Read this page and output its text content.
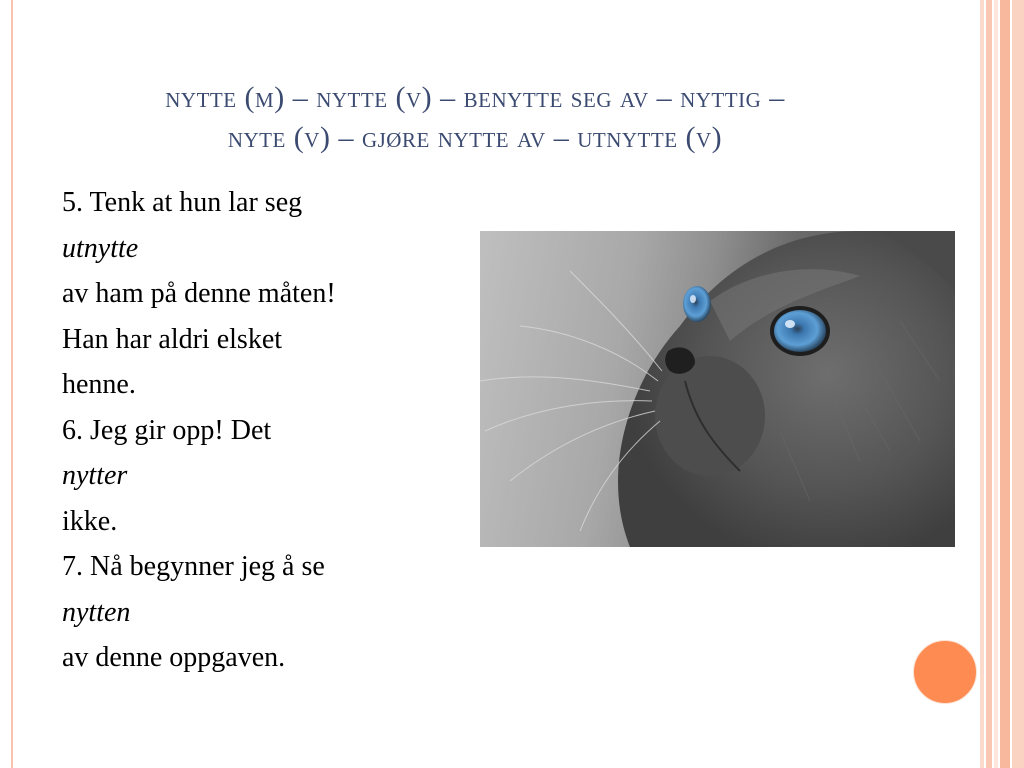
nytte (m) – nytte (v) – benytte seg av – nyttig –
nyte (v) – gjøre nytte av – utnytte (v)
5. Tenk at hun lar seg
utnytte
av ham på denne måten!
Han har aldri elsket
henne.
6. Jeg gir opp! Det
nytter
ikke.
7. Nå begynner jeg å se
nytten
av denne oppgaven.
